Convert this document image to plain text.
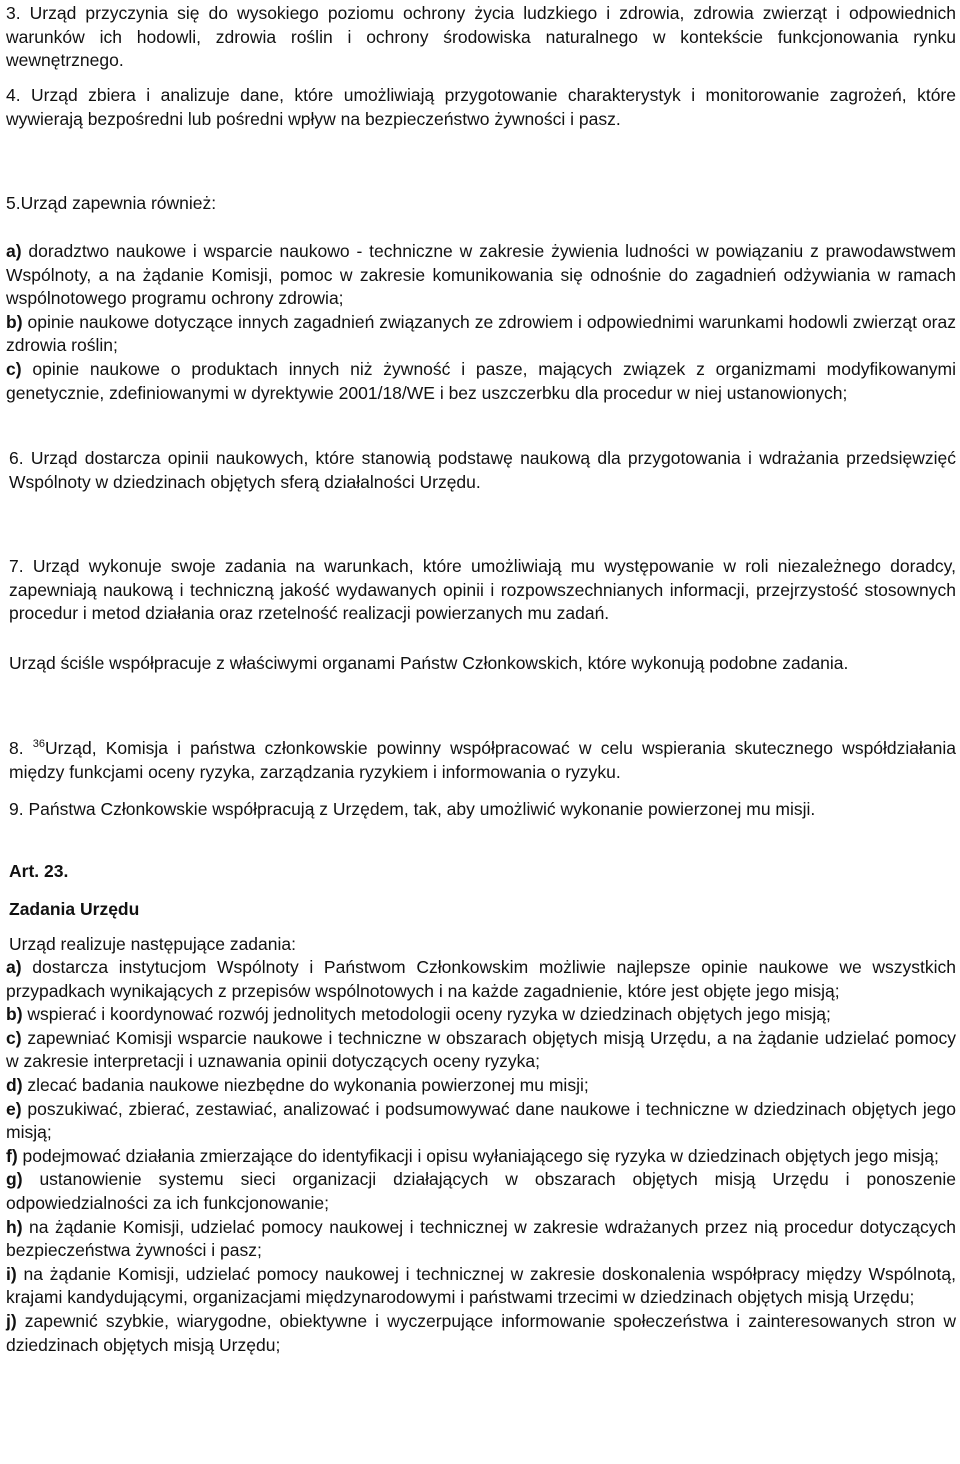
3. Urząd przyczynia się do wysokiego poziomu ochrony życia ludzkiego i zdrowia, zdrowia zwierząt i odpowiednich warunków ich hodowli, zdrowia roślin i ochrony środowiska naturalnego w kontekście funkcjonowania rynku wewnętrznego.

4. Urząd zbiera i analizuje dane, które umożliwiają przygotowanie charakterystyk i monitorowanie zagrożeń, które wywierają bezpośredni lub pośredni wpływ na bezpieczeństwo żywności i pasz.

5.Urząd zapewnia również:

a) doradztwo naukowe i wsparcie naukowo - techniczne w zakresie żywienia ludności w powiązaniu z prawodawstwem Wspólnoty, a na żądanie Komisji, pomoc w zakresie komunikowania się odnośnie do zagadnień odżywiania w ramach wspólnotowego programu ochrony zdrowia;
b) opinie naukowe dotyczące innych zagadnień związanych ze zdrowiem i odpowiednimi warunkami hodowli zwierząt oraz zdrowia roślin;
c) opinie naukowe o produktach innych niż żywność i pasze, mających związek z organizmami modyfikowanymi genetycznie, zdefiniowanymi w dyrektywie 2001/18/WE i bez uszczerbku dla procedur w niej ustanowionych;

6. Urząd dostarcza opinii naukowych, które stanowią podstawę naukową dla przygotowania i wdrażania przedsięwzięć Wspólnoty w dziedzinach objętych sferą działalności Urzędu.

7. Urząd wykonuje swoje zadania na warunkach, które umożliwiają mu występowanie w roli niezależnego doradcy, zapewniają naukową i techniczną jakość wydawanych opinii i rozpowszechnianych informacji, przejrzystość stosownych procedur i metod działania oraz rzetelność realizacji powierzanych mu zadań.

Urząd ściśle współpracuje z właściwymi organami Państw Członkowskich, które wykonują podobne zadania.

8. $^{36}$Urząd, Komisja i państwa członkowskie powinny współpracować w celu wspierania skutecznego współdziałania między funkcjami oceny ryzyka, zarządzania ryzykiem i informowania o ryzyku.

9. Państwa Członkowskie współpracują z Urzędem, tak, aby umożliwić wykonanie powierzonej mu misji.

Art. 23.

Zadania Urzędu

Urząd realizuje następujące zadania:

a) dostarcza instytucjom Wspólnoty i Państwom Członkowskim możliwie najlepsze opinie naukowe we wszystkich przypadkach wynikających z przepisów wspólnotowych i na każde zagadnienie, które jest objęte jego misją;
b) wspierać i koordynować rozwój jednolitych metodologii oceny ryzyka w dziedzinach objętych jego misją;
c) zapewniać Komisji wsparcie naukowe i techniczne w obszarach objętych misją Urzędu, a na żądanie udzielać pomocy w zakresie interpretacji i uznawania opinii dotyczących oceny ryzyka;
d) zlecać badania naukowe niezbędne do wykonania powierzonej mu misji;
e) poszukiwać, zbierać, zestawiać, analizować i podsumowywać dane naukowe i techniczne w dziedzinach objętych jego misją;
f) podejmować działania zmierzające do identyfikacji i opisu wyłaniającego się ryzyka w dziedzinach objętych jego misją;
g) ustanowienie systemu sieci organizacji działających w obszarach objętych misją Urzędu i ponoszenie odpowiedzialności za ich funkcjonowanie;
h) na żądanie Komisji, udzielać pomocy naukowej i technicznej w zakresie wdrażanych przez nią procedur dotyczących bezpieczeństwa żywności i pasz;
i) na żądanie Komisji, udzielać pomocy naukowej i technicznej w zakresie doskonalenia współpracy między Wspólnotą, krajami kandydującymi, organizacjami międzynarodowymi i państwami trzecimi w dziedzinach objętych misją Urzędu;
j) zapewnić szybkie, wiarygodne, obiektywne i wyczerpujące informowanie społeczeństwa i zainteresowanych stron w dziedzinach objętych misją Urzędu;
